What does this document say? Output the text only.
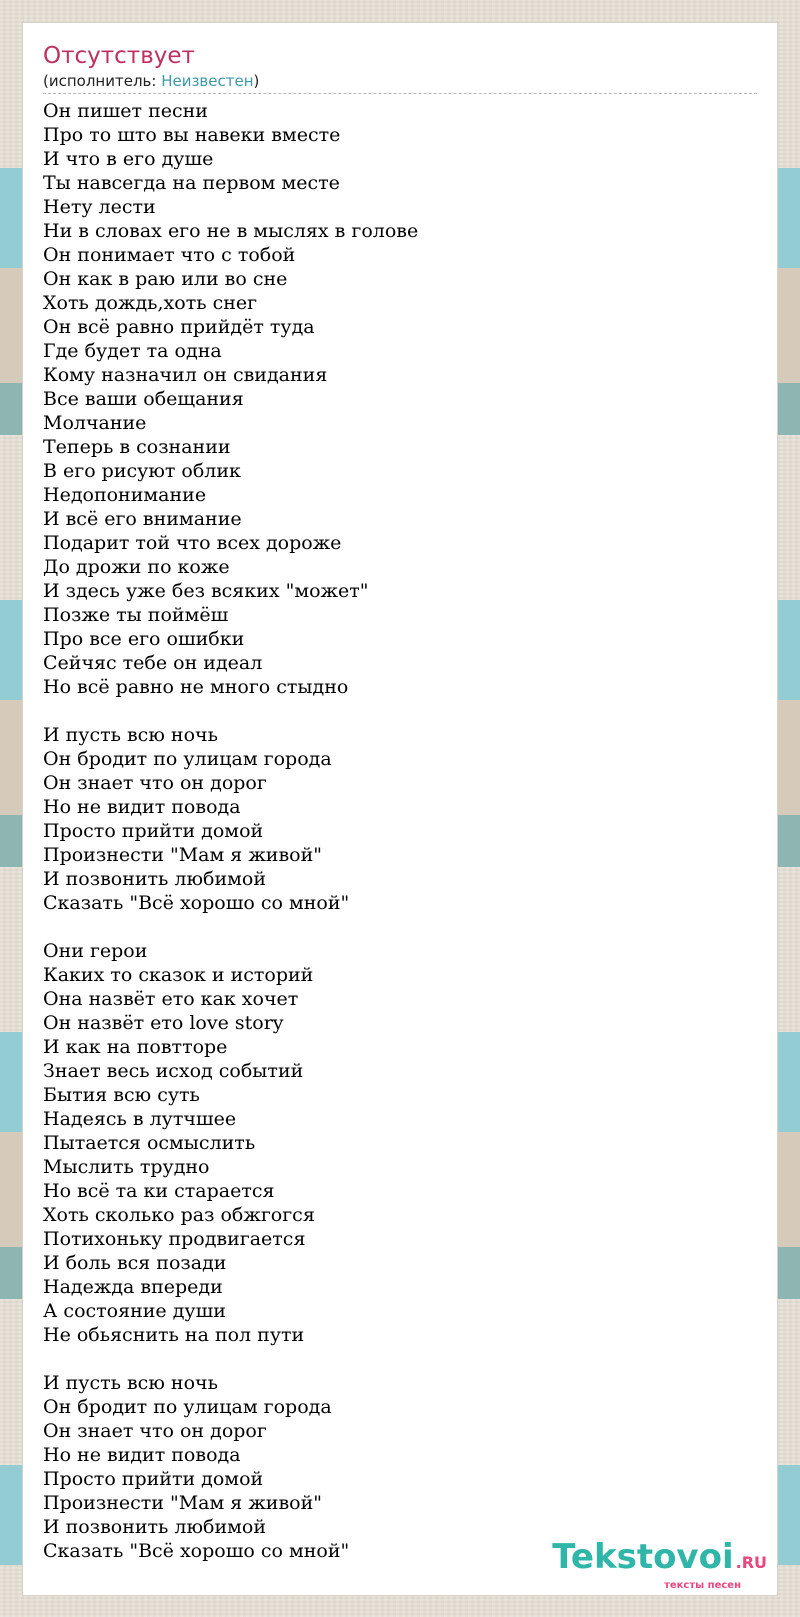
Отсутствует
(исполнитель: Неизвестен)
Он пишет песни
Про то што вы навеки вместе
И что в его душе
Ты навсегда на первом месте
Нету лести
Ни в словах его не в мыслях в голове
Он понимает что с тобой
Он как в раю или во сне
Хоть дождь,хоть снег
Он всё равно прийдёт туда
Где будет та одна
Кому назначил он свидания
Все ваши обещания
Молчание
Теперь в сознании
В его рисуют облик
Недопонимание
И всё его внимание
Подарит той что всех дороже
До дрожи по коже
И здесь уже без всяких "может"
Позже ты поймёш
Про все его ошибки
Сейчяс тебе он идеал
Но всё равно не много стыдно

И пусть всю ночь
Он бродит по улицам города
Он знает что он дорог
Но не видит повода
Просто прийти домой
Произнести "Мам я живой"
И позвонить любимой
Сказать "Всё хорошо со мной"

Они герои
Каких то сказок и историй
Она назвёт ето как хочет
Он назвёт ето love story
И как на повтторе
Знает весь исход событий
Бытия всю суть
Надеясь в лутчшее
Пытается осмыслить
Мыслить трудно
Но всё та ки старается
Хоть сколько раз обжгогся
Потихоньку продвигается
И боль вся позади
Надежда впереди
А состояние души
Не обьяснить на пол пути

И пусть всю ночь
Он бродит по улицам города
Он знает что он дорог
Но не видит повода
Просто прийти домой
Произнести "Мам я живой"
И позвонить любимой
Сказать "Всё хорошо со мной"	Tekstovoi .RU
тексты песен
